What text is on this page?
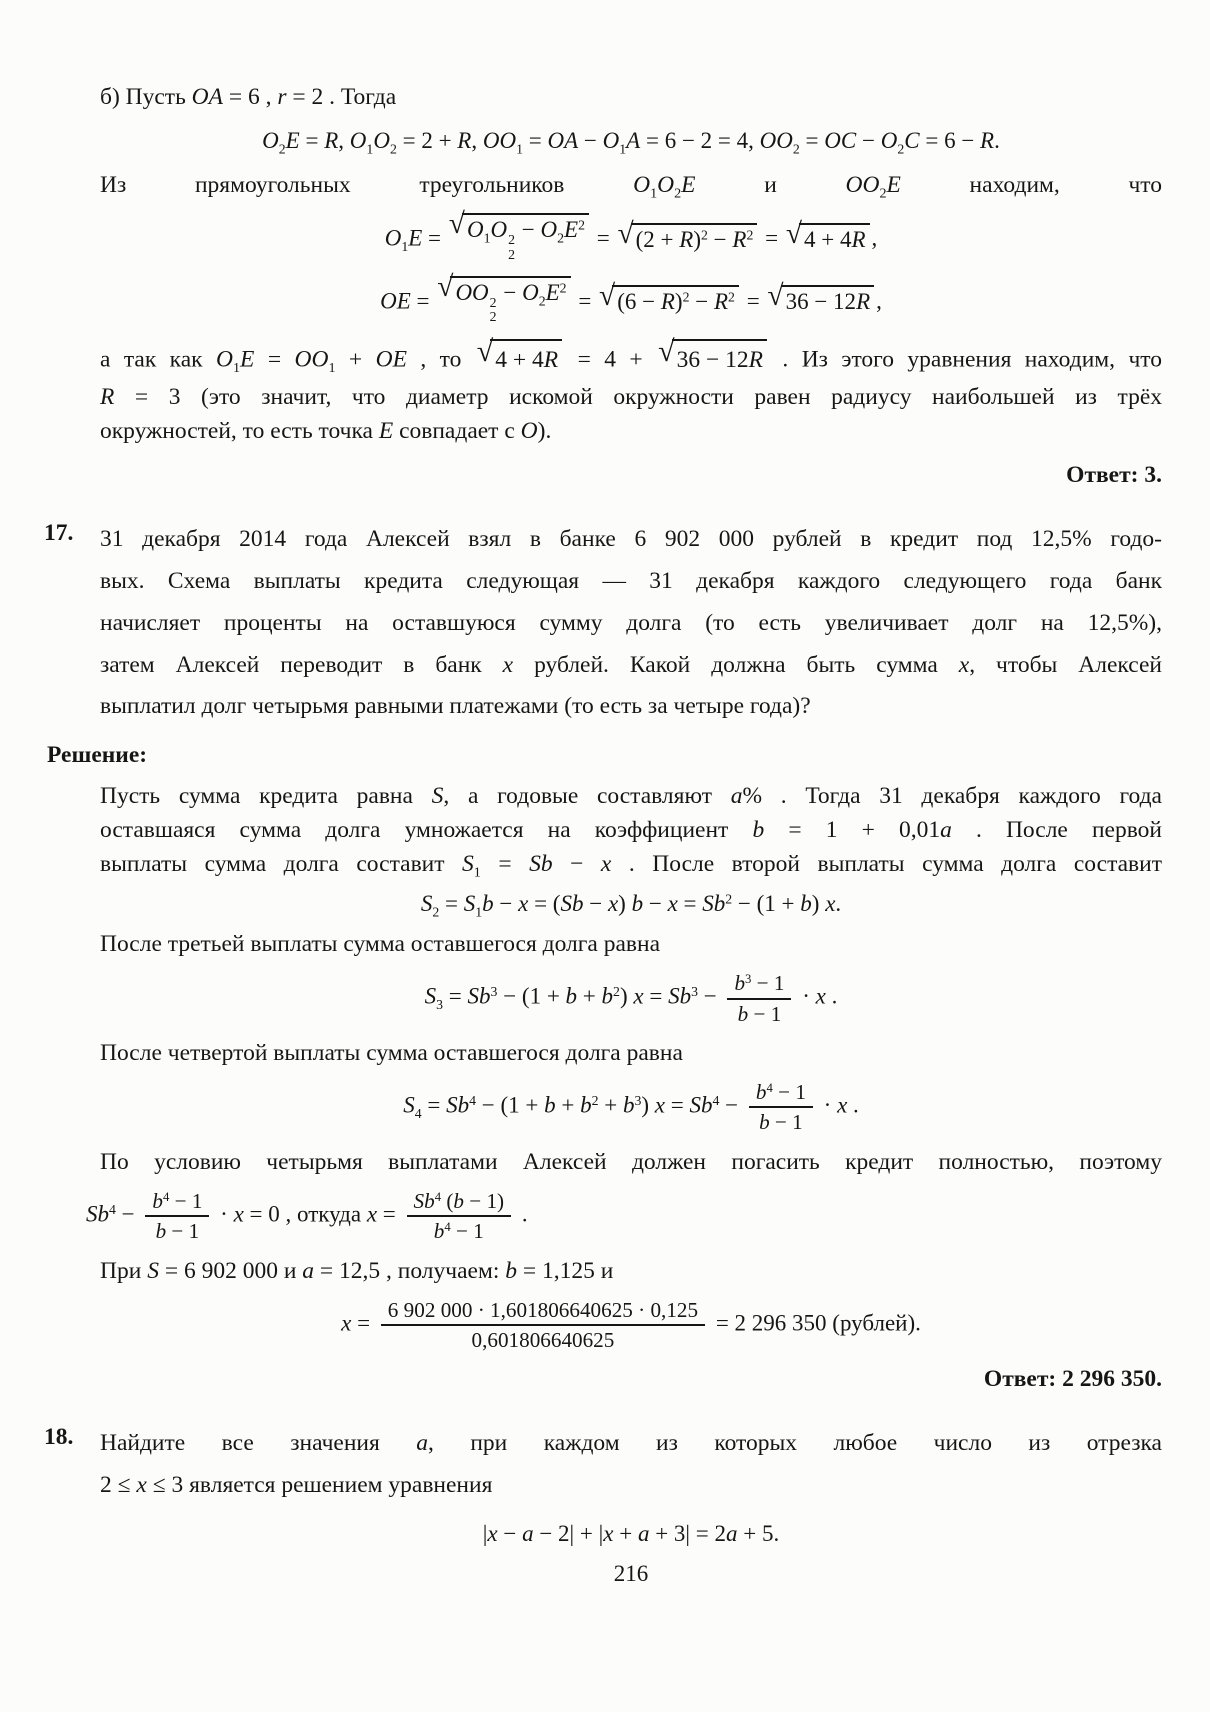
б) Пусть OA = 6 , r = 2 . Тогда
$O_2E = R$, $O_1O_2 = 2 + R$, $OO_1$ = OA − $O_1A = 6 - 2 = 4$, $OO_2$ = OC − $O_2C = 6 - R$.
Из прямоугольных треугольников $O_1O_2E$ и $OO_2E$ находим, что
$O_1E$ = √ $O_1O$ 2
2
− $O_2E^2$
= √ $(2 + R)^2 - R^2$ = √ 4 + 4R ,
OE = √ OO 2
2
− $O_2E^2$
= √ $(6 - R)^2 - R^2$ = √ 36 − 12R ,
а так как $O_1E = OO_1$ + OE , то √ 4 + 4R = 4 + √ 36 − 12R . Из этого уравнения находим, что
R = 3 (это значит, что диаметр искомой окружности равен радиусу наибольшей из трёх
окружностей, то есть точка E совпадает с O).
Ответ: 3.
17. 31 декабря 2014 года Алексей взял в банке 6 902 000 рублей в кредит под 12,5% годо-
вых. Схема выплаты кредита следующая — 31 декабря каждого следующего года банк
начисляет проценты на оставшуюся сумму долга (то есть увеличивает долг на 12,5%),
затем Алексей переводит в банк x рублей. Какой должна быть сумма x, чтобы Алексей
выплатил долг четырьмя равными платежами (то есть за четыре года)?
Решение:
Пусть сумма кредита равна S, а годовые составляют a% . Тогда 31 декабря каждого года
оставшаяся сумма долга умножается на коэффициент b = 1 + 0,01a . После первой
выплаты сумма долга составит $S_1 = Sb - x$ . После второй выплаты сумма долга составит
$S_2 = S_1b - x = (Sb - x) b - x = Sb^2 - (1 + b)$ x.
После третьей выплаты сумма оставшегося долга равна
$S_3 = Sb^3 - (1 + b + b^2) x = Sb^3 - \frac{b^3 - 1}{b - 1} \cdot x$ .
После четвертой выплаты сумма оставшегося долга равна
$S_4 = Sb^4 - (1 + b + b^2 + b^3) x = Sb^4 - \frac{b^4 - 1}{b - 1} \cdot x$ .
По условию четырьмя выплатами Алексей должен погасить кредит полностью, поэтому
$Sb^4 - \frac{b^4 - 1}{b - 1} \cdot x = 0$ , откуда $x = \frac{Sb^4 (b - 1)}{b^4 - 1}$ .
При S = 6 902 000 и a = 12,5 , получаем: b = 1,125 и
$x = \frac{6 902 000 \cdot 1,601806640625 \cdot 0,125}{0,601806640625} = 2$ 296 350 (рублей).
Ответ: 2 296 350.
18. Найдите все значения a, при каждом из которых любое число из отрезка
2 ≤ x ≤ 3 является решением уравнения
|x − a − 2| + |x + a + 3| = 2a + 5.
216
